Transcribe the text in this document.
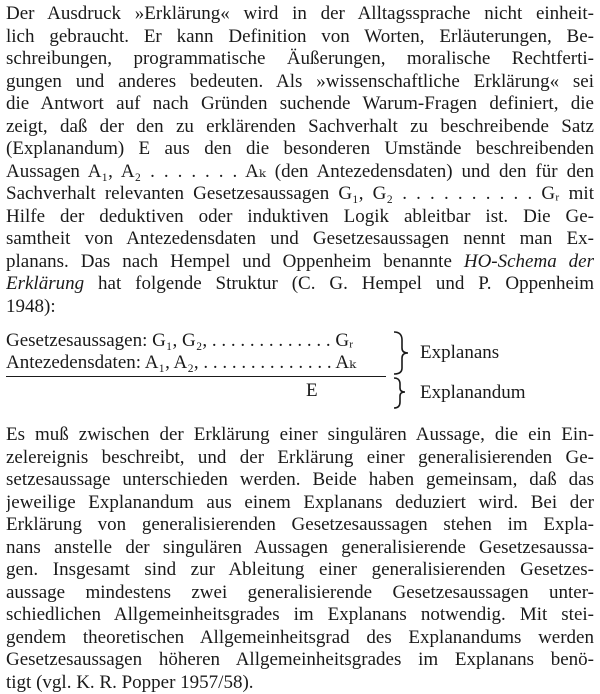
Der Ausdruck »Erklärung« wird in der Alltagssprache nicht einheit-
lich gebraucht. Er kann Definition von Worten, Erläuterungen, Be-
schreibungen, programmatische Äußerungen, moralische Rechtferti-
gungen und anderes bedeuten. Als »wissenschaftliche Erklärung« sei
die Antwort auf nach Gründen suchende Warum-Fragen definiert, die
zeigt, daß der den zu erklärenden Sachverhalt zu beschreibende Satz
(Explanandum) E aus den die besonderen Umstände beschreibenden
Aussagen A₁, A₂ . . . . . . . Aₖ (den Antezedensdaten) und den für den
Sachverhalt relevanten Gesetzesaussagen G₁, G₂ . . . . . . . . . . Gᵣ mit
Hilfe der deduktiven oder induktiven Logik ableitbar ist. Die Ge-
samtheit von Antezedensdaten und Gesetzesaussagen nennt man Ex-
planans. Das nach Hempel und Oppenheim benannte HO-Schema der
Erklärung hat folgende Struktur (C. G. Hempel und P. Oppenheim
1948):
Gesetzesaussagen: G₁, G₂, . . . . . . . . . . . . . Gᵣ
Antezedensdaten: A₁, A₂, . . . . . . . . . . . . . . Aₖ
E
Explanans
Explanandum
Es muß zwischen der Erklärung einer singulären Aussage, die ein Ein-
zelereignis beschreibt, und der Erklärung einer generalisierenden Ge-
setzesaussage unterschieden werden. Beide haben gemeinsam, daß das
jeweilige Explanandum aus einem Explanans deduziert wird. Bei der
Erklärung von generalisierenden Gesetzesaussagen stehen im Expla-
nans anstelle der singulären Aussagen generalisierende Gesetzesaussa-
gen. Insgesamt sind zur Ableitung einer generalisierenden Gesetzes-
aussage mindestens zwei generalisierende Gesetzesaussagen unter-
schiedlichen Allgemeinheitsgrades im Explanans notwendig. Mit stei-
gendem theoretischen Allgemeinheitsgrad des Explanandums werden
Gesetzesaussagen höheren Allgemeinheitsgrades im Explanans benö-
tigt (vgl. K. R. Popper 1957/58).
